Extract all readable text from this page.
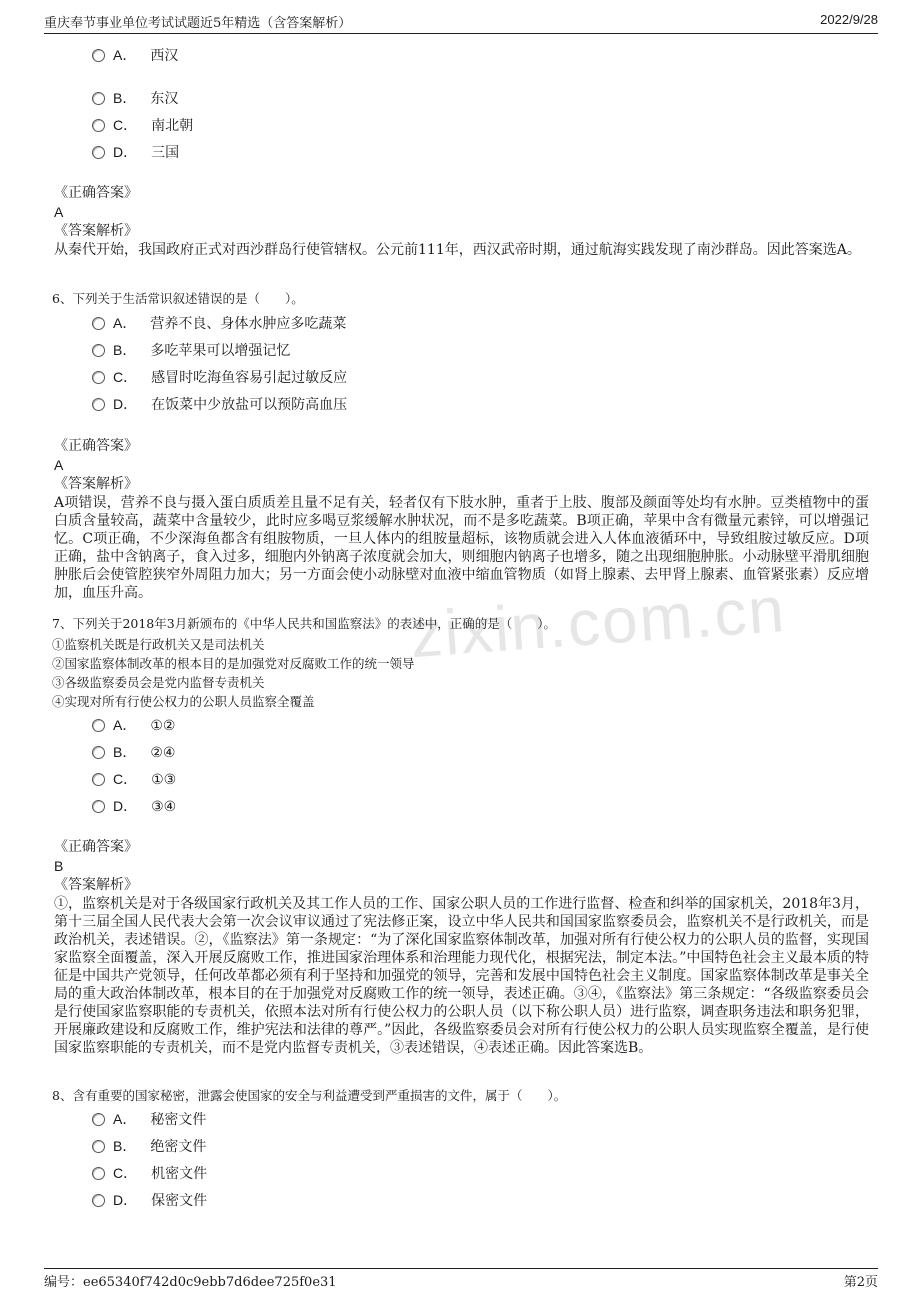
zixin.com.cn
重庆奉节事业单位考试试题近5年精选（含答案解析）	2022/9/28
A． 西汉
B． 东汉
C． 南北朝
D． 三国
《正确答案》
A
《答案解析》
从秦代开始，我国政府正式对西沙群岛行使管辖权。公元前111年，西汉武帝时期，通过航海实践发现了南沙群岛。因此答案选A。
6、下列关于生活常识叙述错误的是（　　）。
A． 营养不良、身体水肿应多吃蔬菜
B． 多吃苹果可以增强记忆
C． 感冒时吃海鱼容易引起过敏反应
D． 在饭菜中少放盐可以预防高血压
《正确答案》
A
《答案解析》
A项错误，营养不良与摄入蛋白质质差且量不足有关，轻者仅有下肢水肿，重者于上肢、腹部及颜面等处均有水肿。豆类植物中的蛋白质含量较高，蔬菜中含量较少，此时应多喝豆浆缓解水肿状况，而不是多吃蔬菜。B项正确，苹果中含有微量元素锌，可以增强记忆。C项正确，不少深海鱼都含有组胺物质，一旦人体内的组胺量超标，该物质就会进入人体血液循环中，导致组胺过敏反应。D项正确，盐中含钠离子，食入过多，细胞内外钠离子浓度就会加大，则细胞内钠离子也增多，随之出现细胞肿胀。小动脉壁平滑肌细胞肿胀后会使管腔狭窄外周阻力加大；另一方面会使小动脉壁对血液中缩血管物质（如肾上腺素、去甲肾上腺素、血管紧张素）反应增加，血压升高。
7、下列关于2018年3月新颁布的《中华人民共和国监察法》的表述中，正确的是（　　）。
①监察机关既是行政机关又是司法机关
②国家监察体制改革的根本目的是加强党对反腐败工作的统一领导
③各级监察委员会是党内监督专责机关
④实现对所有行使公权力的公职人员监察全覆盖
A． ①②
B． ②④
C． ①③
D． ③④
《正确答案》
B
《答案解析》
①，监察机关是对于各级国家行政机关及其工作人员的工作、国家公职人员的工作进行监督、检查和纠举的国家机关，2018年3月，第十三届全国人民代表大会第一次会议审议通过了宪法修正案，设立中华人民共和国国家监察委员会，监察机关不是行政机关，而是政治机关，表述错误。②，《监察法》第一条规定：“为了深化国家监察体制改革，加强对所有行使公权力的公职人员的监督，实现国家监察全面覆盖，深入开展反腐败工作，推进国家治理体系和治理能力现代化，根据宪法，制定本法。”中国特色社会主义最本质的特征是中国共产党领导，任何改革都必须有利于坚持和加强党的领导，完善和发展中国特色社会主义制度。国家监察体制改革是事关全局的重大政治体制改革，根本目的在于加强党对反腐败工作的统一领导，表述正确。③④，《监察法》第三条规定：“各级监察委员会是行使国家监察职能的专责机关，依照本法对所有行使公权力的公职人员（以下称公职人员）进行监察，调查职务违法和职务犯罪，开展廉政建设和反腐败工作，维护宪法和法律的尊严。”因此，各级监察委员会对所有行使公权力的公职人员实现监察全覆盖，是行使国家监察职能的专责机关，而不是党内监督专责机关，③表述错误，④表述正确。因此答案选B。
8、含有重要的国家秘密，泄露会使国家的安全与利益遭受到严重损害的文件，属于（　　）。
A． 秘密文件
B． 绝密文件
C． 机密文件
D． 保密文件
编号：ee65340f742d0c9ebb7d6dee725f0e31	第2页
